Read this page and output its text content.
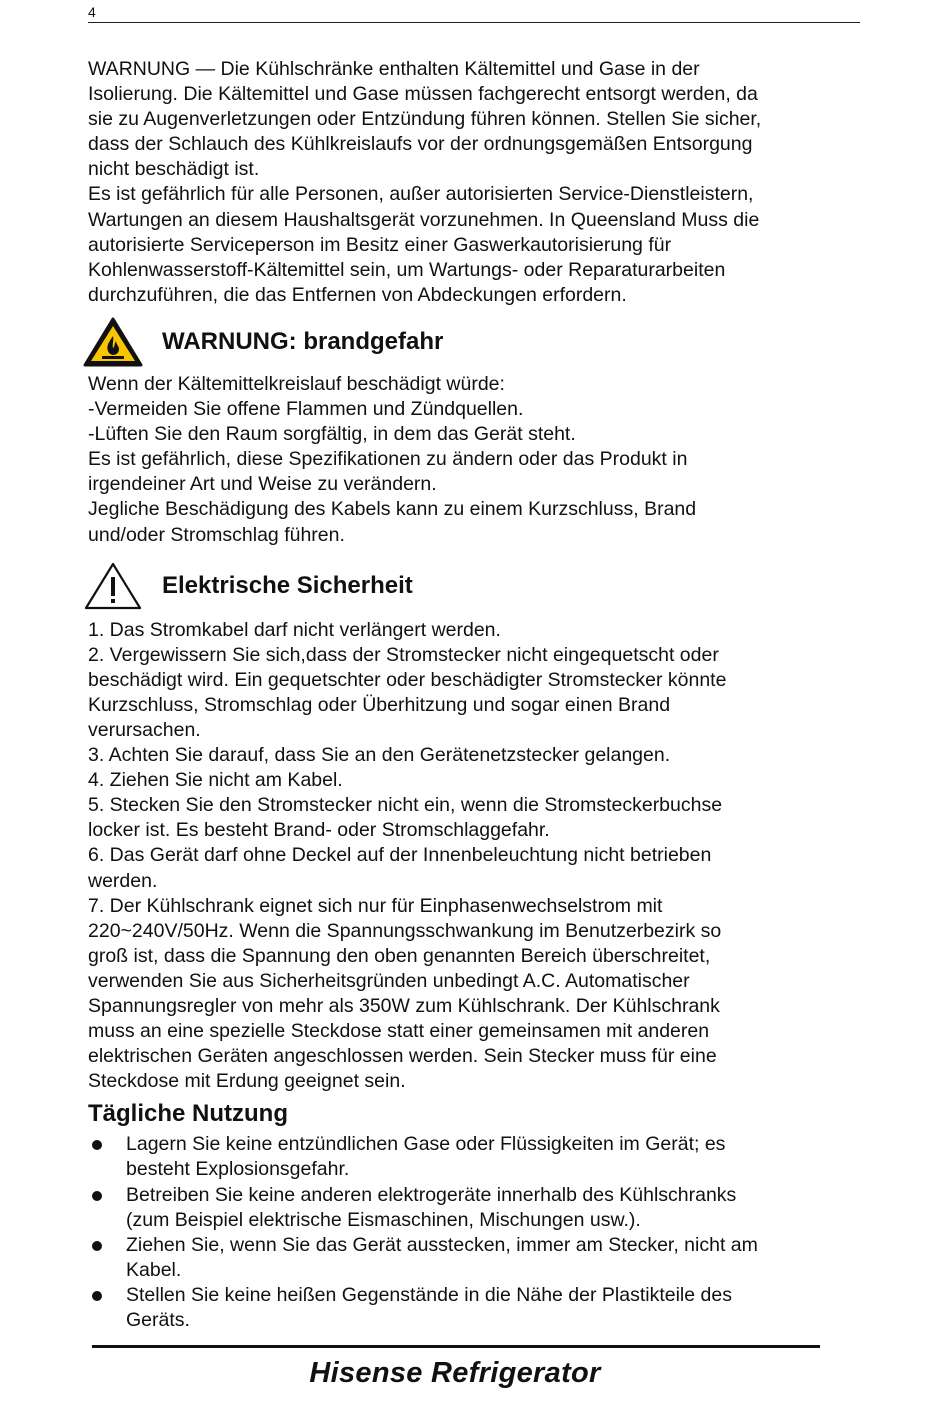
4

WARNUNG — Die Kühlschränke enthalten Kältemittel und Gase in der
Isolierung. Die Kältemittel und Gase müssen fachgerecht entsorgt werden, da
sie zu Augenverletzungen oder Entzündung führen können. Stellen Sie sicher,
dass der Schlauch des Kühlkreislaufs vor der ordnungsgemäßen Entsorgung
nicht beschädigt ist.
Es ist gefährlich für alle Personen, außer autorisierten Service-Dienstleistern,
Wartungen an diesem Haushaltsgerät vorzunehmen. In Queensland Muss die
autorisierte Serviceperson im Besitz einer Gaswerkautorisierung für
Kohlenwasserstoff-Kältemittel sein, um Wartungs- oder Reparaturarbeiten
durchzuführen, die das Entfernen von Abdeckungen erfordern.

WARNUNG: brandgefahr

Wenn der Kältemittelkreislauf beschädigt würde:
-Vermeiden Sie offene Flammen und Zündquellen.
-Lüften Sie den Raum sorgfältig, in dem das Gerät steht.
Es ist gefährlich, diese Spezifikationen zu ändern oder das Produkt in
irgendeiner Art und Weise zu verändern.
Jegliche Beschädigung des Kabels kann zu einem Kurzschluss, Brand
und/oder Stromschlag führen.

Elektrische Sicherheit

1. Das Stromkabel darf nicht verlängert werden.
2. Vergewissern Sie sich,dass der Stromstecker nicht eingequetscht oder
beschädigt wird. Ein gequetschter oder beschädigter Stromstecker könnte
Kurzschluss, Stromschlag oder Überhitzung und sogar einen Brand
verursachen.
3. Achten Sie darauf, dass Sie an den Gerätenetzstecker gelangen.
4. Ziehen Sie nicht am Kabel.
5. Stecken Sie den Stromstecker nicht ein, wenn die Stromsteckerbuchse
locker ist. Es besteht Brand- oder Stromschlaggefahr.
6. Das Gerät darf ohne Deckel auf der Innenbeleuchtung nicht betrieben
werden.
7. Der Kühlschrank eignet sich nur für Einphasenwechselstrom mit
220~240V/50Hz. Wenn die Spannungsschwankung im Benutzerbezirk so
groß ist, dass die Spannung den oben genannten Bereich überschreitet,
verwenden Sie aus Sicherheitsgründen unbedingt A.C. Automatischer
Spannungsregler von mehr als 350W zum Kühlschrank. Der Kühlschrank
muss an eine spezielle Steckdose statt einer gemeinsamen mit anderen
elektrischen Geräten angeschlossen werden. Sein Stecker muss für eine
Steckdose mit Erdung geeignet sein.

Tägliche Nutzung
Lagern Sie keine entzündlichen Gase oder Flüssigkeiten im Gerät; es
besteht Explosionsgefahr.
Betreiben Sie keine anderen elektrogeräte innerhalb des Kühlschranks
(zum Beispiel elektrische Eismaschinen, Mischungen usw.).
Ziehen Sie, wenn Sie das Gerät ausstecken, immer am Stecker, nicht am
Kabel.
Stellen Sie keine heißen Gegenstände in die Nähe der Plastikteile des
Geräts.
Hisense Refrigerator
